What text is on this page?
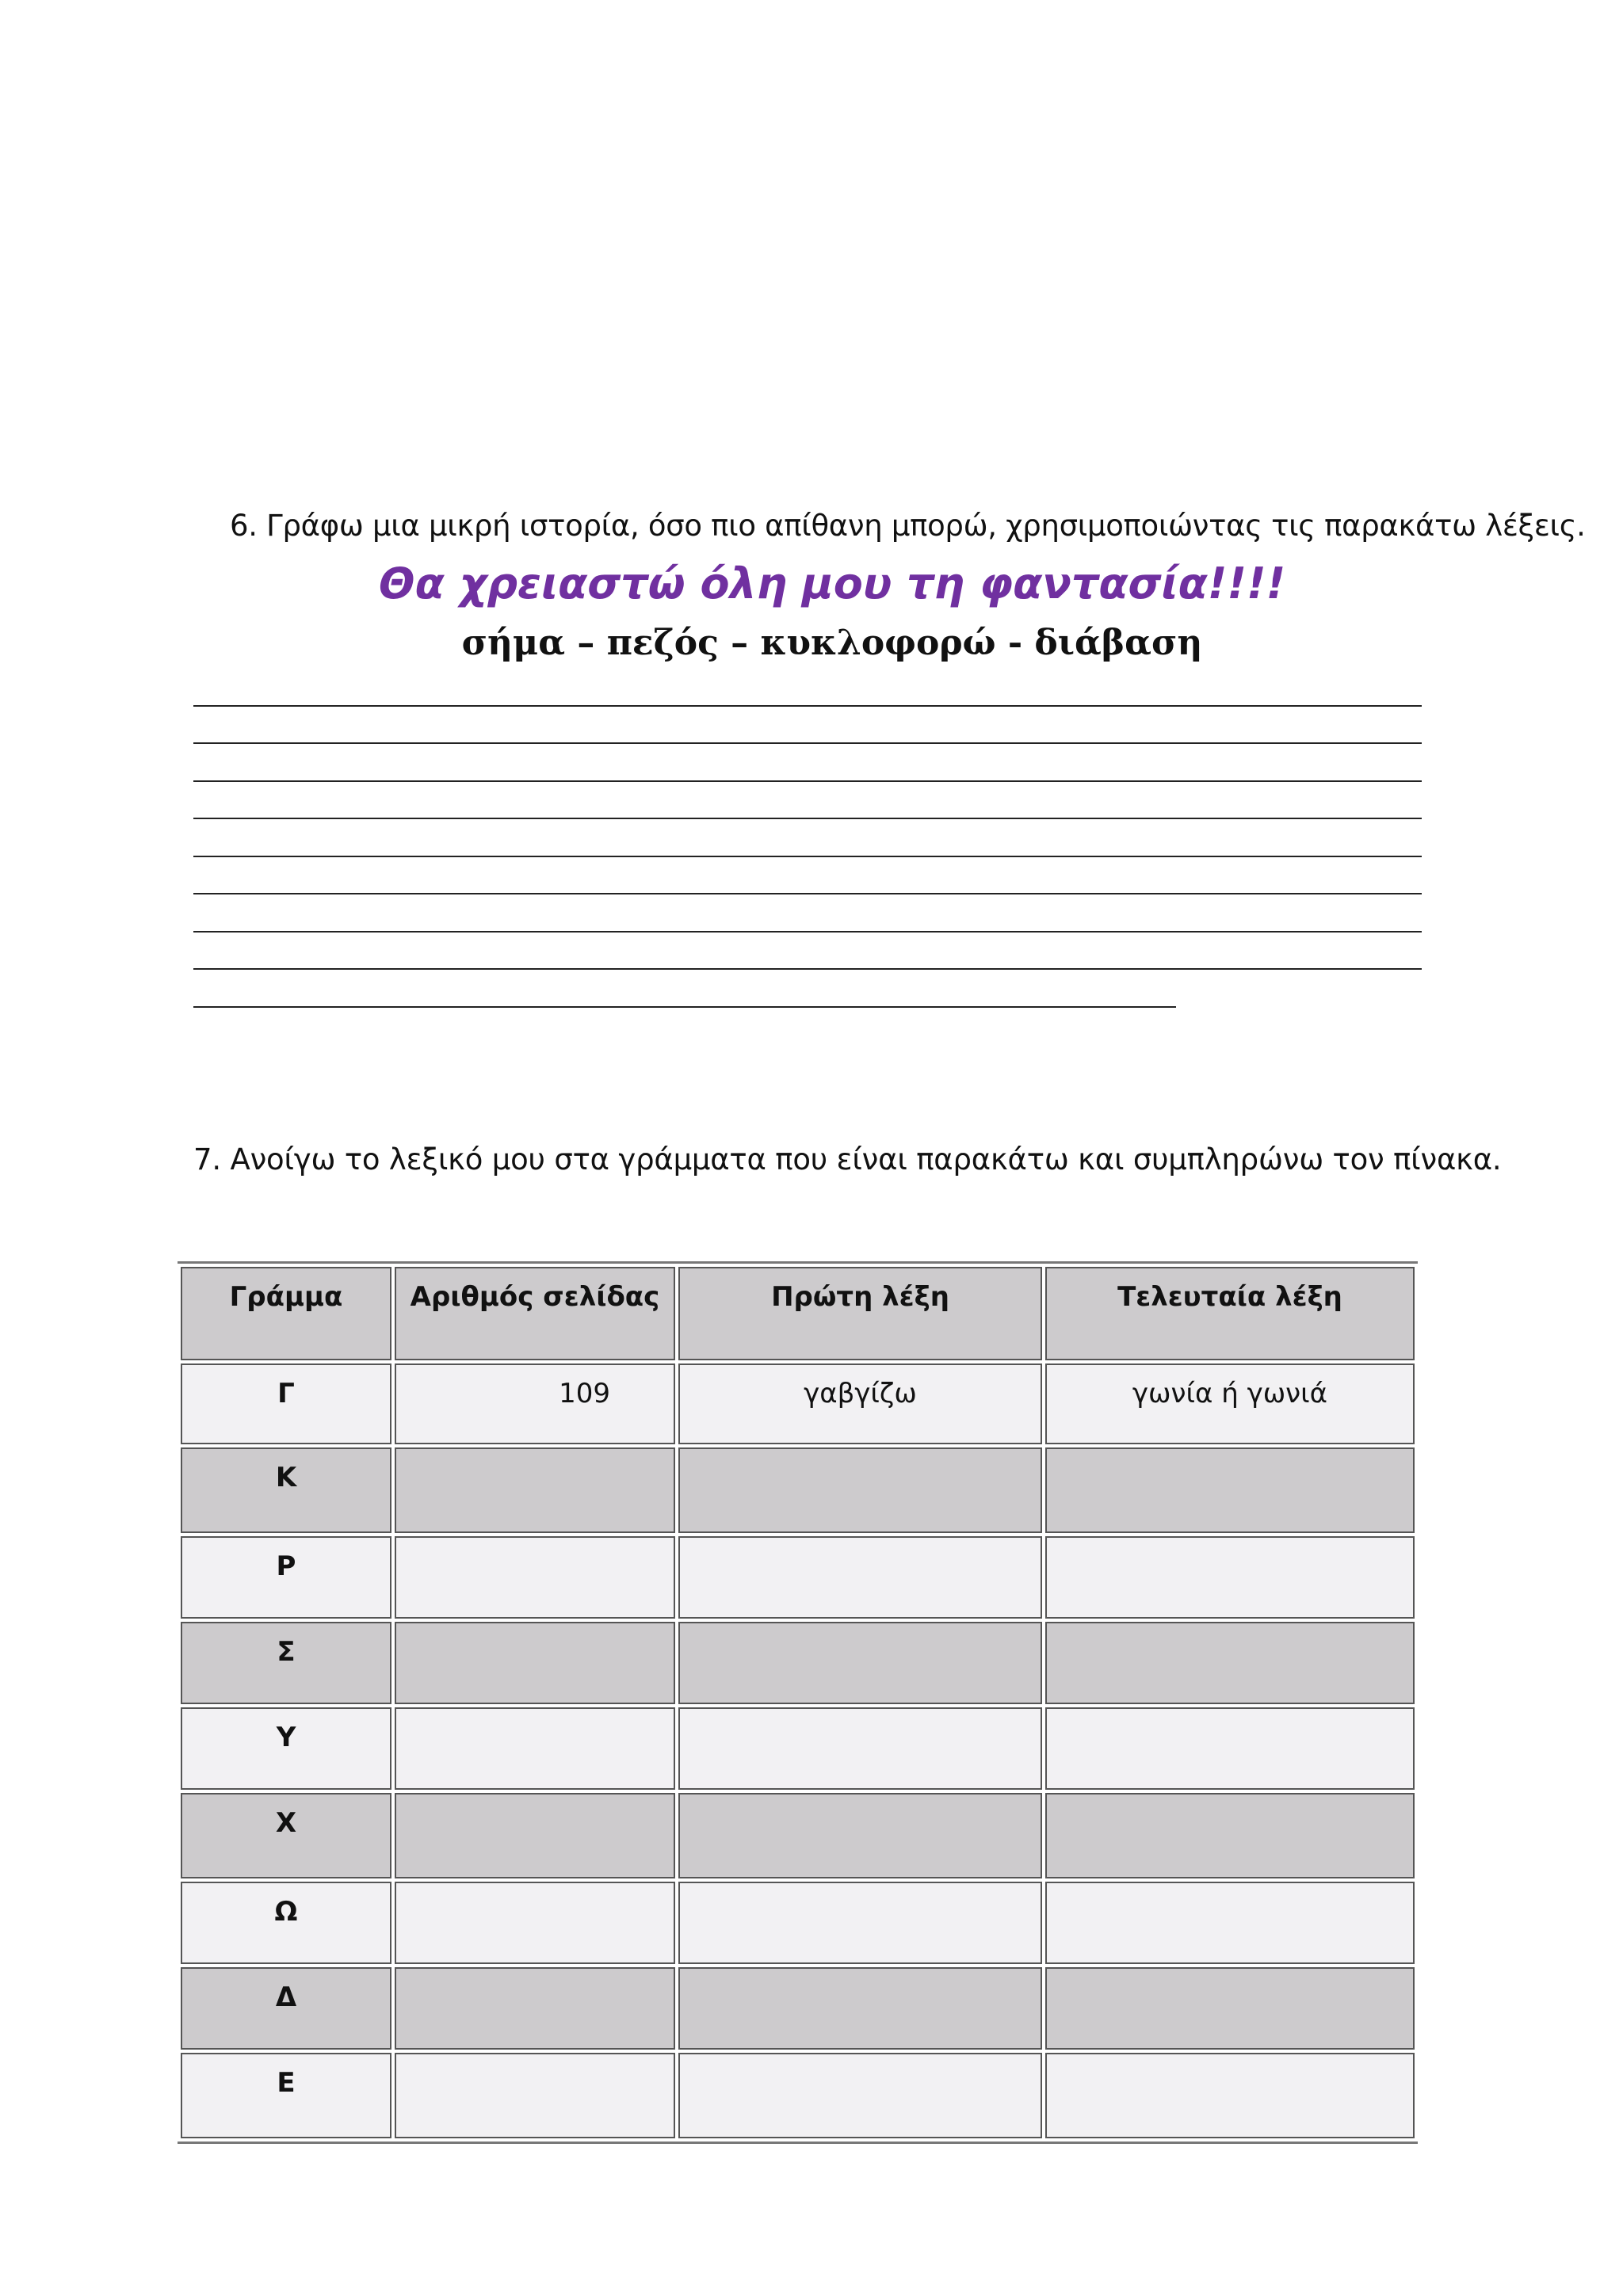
6. Γράφω μια μικρή ιστορία, όσο πιο απίθανη μπορώ, χρησιμοποιώντας τις παρακάτω λέξεις.
Θα χρειαστώ όλη μου τη φαντασία!!!!
σήμα – πεζός – κυκλοφορώ - διάβαση
7. Ανοίγω το λεξικό μου στα γράμματα που είναι παρακάτω και συμπληρώνω τον πίνακα.
Γράμμα	Αριθμός σελίδας	Πρώτη λέξη	Τελευταία λέξη
Γ	109	γαβγίζω	γωνία ή γωνιά
Κ			
Ρ			
Σ			
Υ			
Χ			
Ω			
Δ			
Ε			
